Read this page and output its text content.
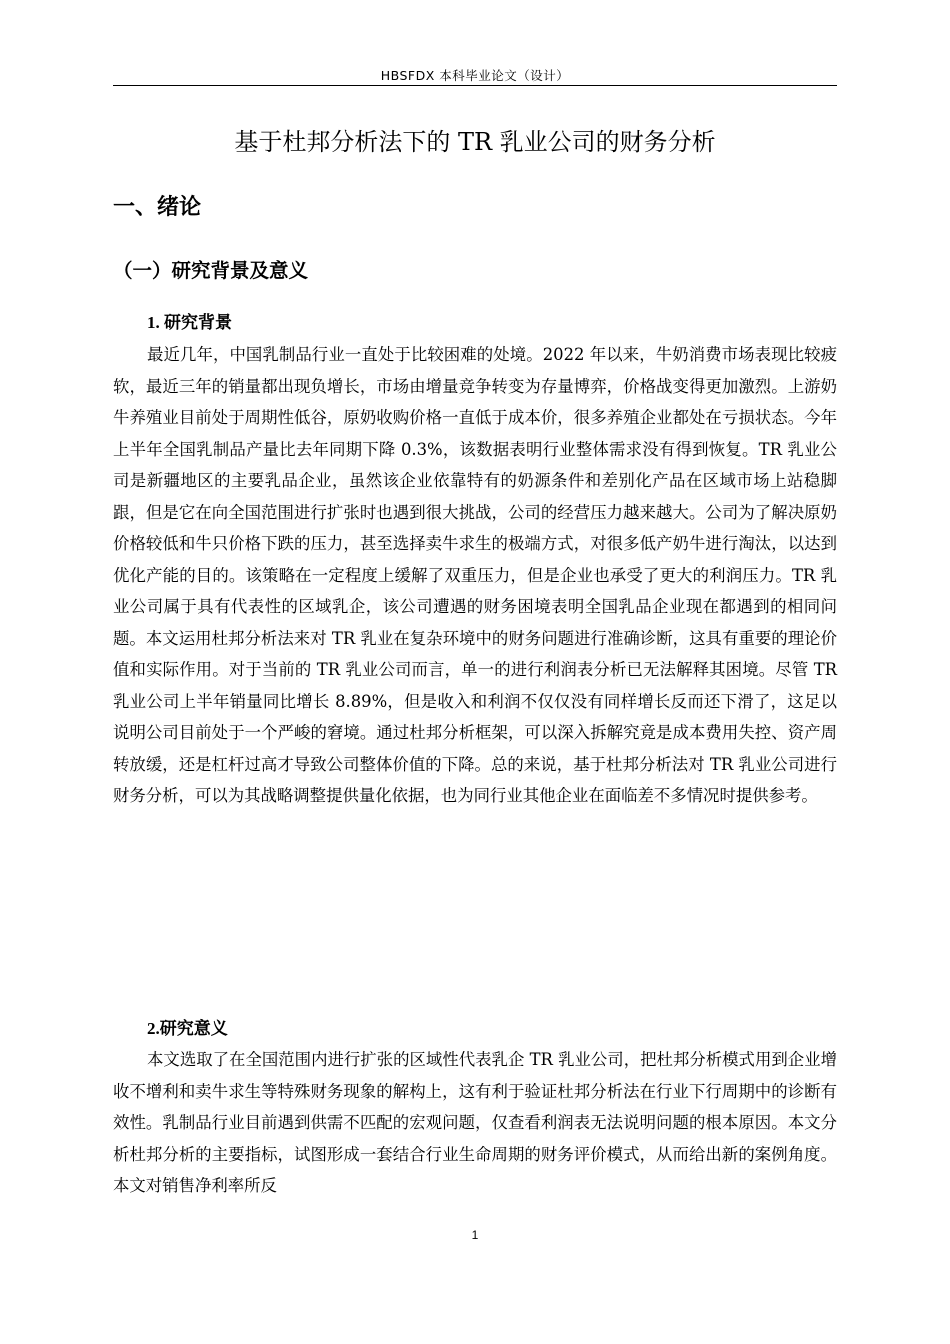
HBSFDX 本科毕业论文（设计）
基于杜邦分析法下的 TR 乳业公司的财务分析
一、绪论
（一）研究背景及意义
1. 研究背景

最近几年，中国乳制品行业一直处于比较困难的处境。2022 年以来，牛奶消费市场表现比较疲软，最近三年的销量都出现负增长，市场由增量竞争转变为存量博弈，价格战变得更加激烈。上游奶牛养殖业目前处于周期性低谷，原奶收购价格一直低于成本价，很多养殖企业都处在亏损状态。今年上半年全国乳制品产量比去年同期下降 0.3%，该数据表明行业整体需求没有得到恢复。TR 乳业公司是新疆地区的主要乳品企业，虽然该企业依靠特有的奶源条件和差别化产品在区域市场上站稳脚跟，但是它在向全国范围进行扩张时也遇到很大挑战，公司的经营压力越来越大。公司为了解决原奶价格较低和牛只价格下跌的压力，甚至选择卖牛求生的极端方式，对很多低产奶牛进行淘汰，以达到优化产能的目的。该策略在一定程度上缓解了双重压力，但是企业也承受了更大的利润压力。TR 乳业公司属于具有代表性的区域乳企，该公司遭遇的财务困境表明全国乳品企业现在都遇到的相同问题。本文运用杜邦分析法来对 TR 乳业在复杂环境中的财务问题进行准确诊断，这具有重要的理论价值和实际作用。对于当前的 TR 乳业公司而言，单一的进行利润表分析已无法解释其困境。尽管 TR 乳业公司上半年销量同比增长 8.89%，但是收入和利润不仅仅没有同样增长反而还下滑了，这足以说明公司目前处于一个严峻的窘境。通过杜邦分析框架，可以深入拆解究竟是成本费用失控、资产周转放缓，还是杠杆过高才导致公司整体价值的下降。总的来说，基于杜邦分析法对 TR 乳业公司进行财务分析，可以为其战略调整提供量化依据，也为同行业其他企业在面临差不多情况时提供参考。

2.研究意义

本文选取了在全国范围内进行扩张的区域性代表乳企 TR 乳业公司，把杜邦分析模式用到企业增收不增利和卖牛求生等特殊财务现象的解构上，这有利于验证杜邦分析法在行业下行周期中的诊断有效性。乳制品行业目前遇到供需不匹配的宏观问题，仅查看利润表无法说明问题的根本原因。本文分析杜邦分析的主要指标，试图形成一套结合行业生命周期的财务评价模式，从而给出新的案例角度。本文对销售净利率所反

1
